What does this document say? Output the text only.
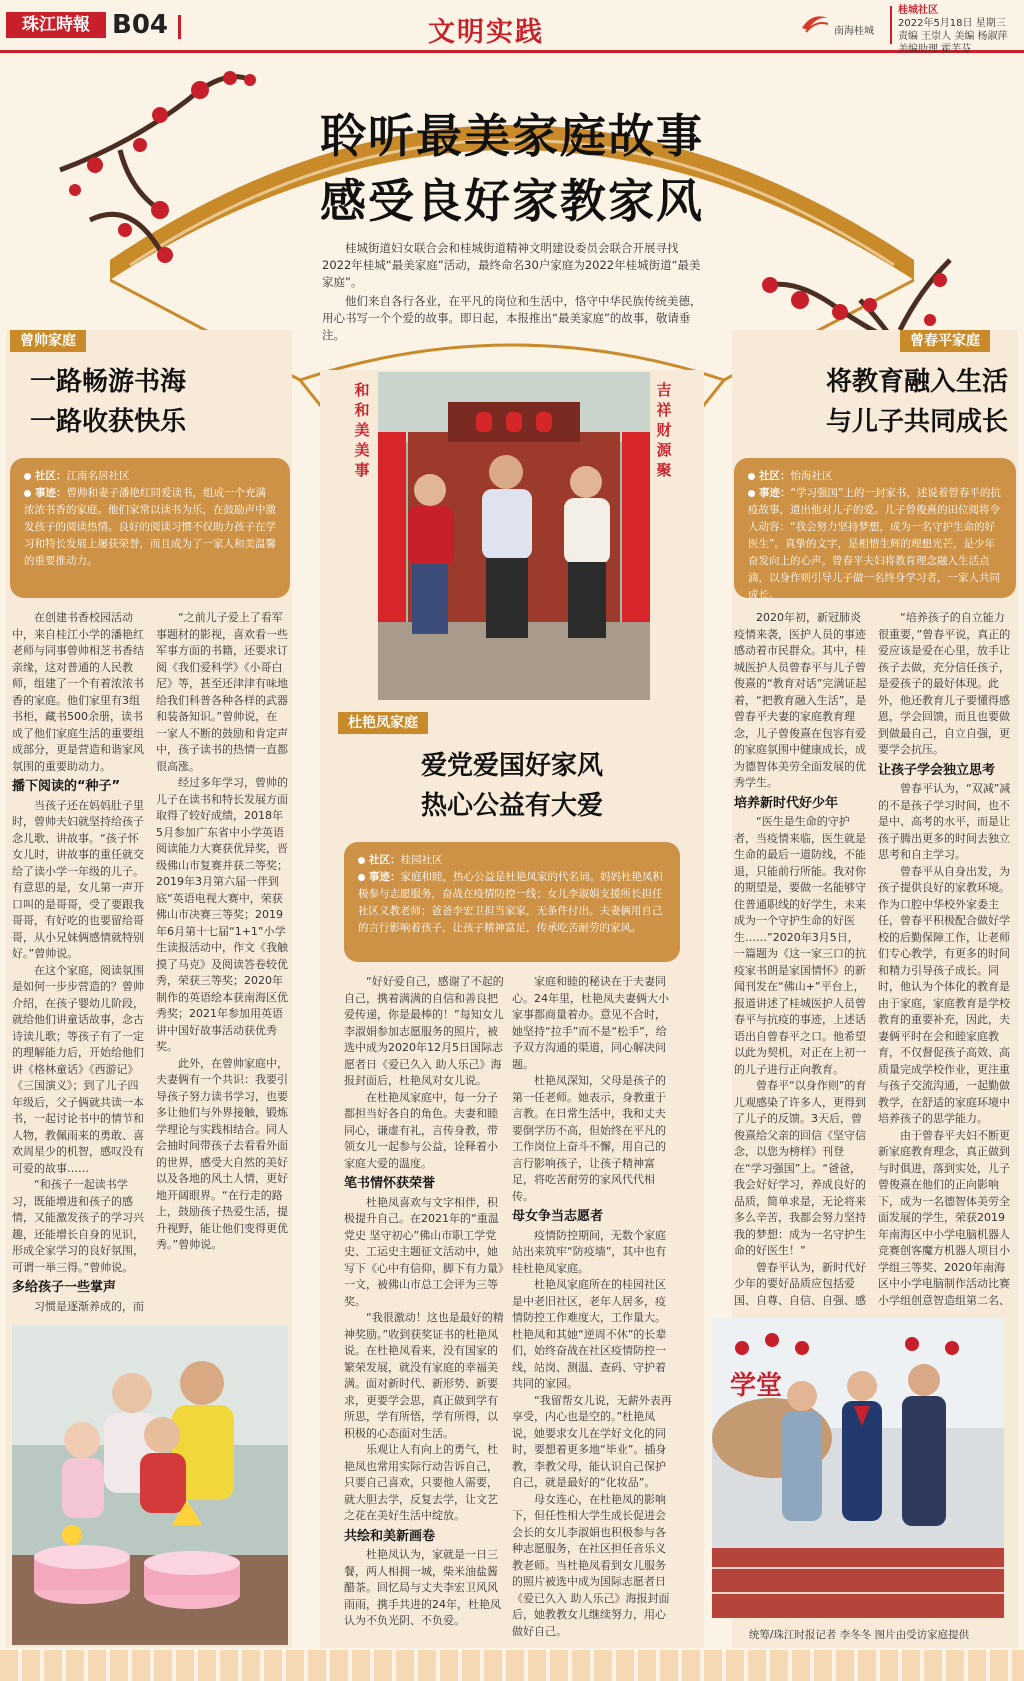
珠江時報 B04	文明实践	南海桂城
桂城社区
2022年5月18日 星期三
责编 王崇人 美编 杨淑萍
美编助理 霍芙芬
聆听最美家庭故事
感受良好家教家风

桂城街道妇女联合会和桂城街道精神文明建设委员会联合开展寻找2022年桂城“最美家庭”活动，最终命名30户家庭为2022年桂城街道“最美家庭”。

他们来自各行各业，在平凡的岗位和生活中，恪守中华民族传统美德，用心书写一个个爱的故事。即日起，本报推出“最美家庭”的故事，敬请垂注。

曾帅家庭
一路畅游书海
一路收获快乐
社区：江南名居社区
事迹：曾帅和妻子潘艳红同爱读书，组成一个充满浓浓书香的家庭。他们家常以读书为乐，在鼓励声中激发孩子的阅读热情。良好的阅读习惯不仅助力孩子在学习和特长发展上屡获荣誉，而且成为了一家人和美温馨的重要推动力。

在创建书香校园活动中，来自桂江小学的潘艳红老师与同事曾帅相芝书香结亲缘，这对普通的人民教师，组建了一个有着浓浓书香的家庭。他们家里有3组书柜，藏书500余册，读书成了他们家庭生活的重要组成部分，更是营造和谐家风氛围的重要助动力。

播下阅读的“种子”

当孩子还在妈妈肚子里时，曾帅夫妇就坚持给孩子念儿歌、讲故事。“孩子怀女儿时，讲故事的重任就交给了读小学一年级的儿子。有意思的是，女儿第一声开口叫的是哥哥，受了要跟我哥哥，有好吃的也要留给哥哥，从小兄妹俩感情就特别好。”曾帅说。

在这个家庭，阅读氛围是如何一步步营造的？曾帅介绍，在孩子婴幼儿阶段，就给他们讲童话故事，念古诗读儿歌；等孩子有了一定的理解能力后，开始给他们讲《格林童话》《西游记》《三国演义》；到了儿子四年级后，父子俩就共读一本书，一起讨论书中的情节和人物，教佩雨来的勇敢、喜欢周星少的机智，感叹没有可爱的故事……

“和孩子一起读书学习，既能增进和孩子的感情，又能激发孩子的学习兴趣，还能增长自身的见识，形成全家学习的良好氛围，可谓一举三得。”曾帅说。

多给孩子一些掌声

习惯是逐渐养成的，而

“之前儿子爱上了看军事题材的影视，喜欢看一些军事方面的书籍，还要求订阅《我们爱科学》《小哥白尼》等，甚至还津津有味地给我们科普各种各样的武器和装备知识。”曾帅说，在一家人不断的鼓励和肯定声中，孩子读书的热情一直都很高涨。

经过多年学习，曾帅的儿子在读书和特长发展方面取得了较好成绩，2018年5月参加广东省中小学英语阅读能力大赛获优异奖，晋级佛山市复赛并获二等奖；2019年3月第六届一伴到底“英语电视大赛中，荣获佛山市决赛三等奖；2019年6月第十七届“1+1”小学生读报活动中，作文《我触摸了马克》及阅读答卷较优秀，荣获三等奖；2020年制作的英语绘本获南海区优秀奖；2021年参加用英语讲中国好故事活动获优秀奖。

此外，在曾帅家庭中，夫妻俩有一个共识：我要引导孩子努力读书学习，也要多让他们与外界接触，锻炼学理论与实践相结合。同人会抽时间带孩子去看看外面的世界，感受大自然的美好以及各地的风土人情，更好地开阔眼界。“在行走的路上，鼓励孩子热爱生活，提升视野，能让他们变得更优秀。”曾帅说。

和和美美事
吉祥财源聚
杜艳凤家庭
爱党爱国好家风
热心公益有大爱
社区：桂园社区
事迹：家庭和睦，热心公益是杜艳凤家的代名词。妈妈杜艳凤积极参与志愿服务，奋战在疫情防控一线；女儿李淑娟支援所长担任社区义教老师；爸爸李宏卫担当家家，无条件付出。夫妻俩用自己的言行影响着孩子，让孩子精神富足，传承吃苦耐劳的家风。

“好好爱自己，感谢了不起的自己，携着满满的自信和善良把爱传递，你是最棒的！”每知女儿李淑娟参加志愿服务的照片，被选中成为2020年12月5日国际志愿者日《爱已久入 助人乐己》海报封面后，杜艳凤对女儿说。

在杜艳凤家庭中，每一分子都担当好各自的角色。夫妻和睦同心，谦虚有礼，言传身教，带领女儿一起参与公益，诠释着小家庭大爱的温度。

笔书情怀获荣誉

杜艳凤喜欢与文字相伴，积极提升自己。在2021年的“重温党史 坚守初心”佛山市职工学党史、工运史主题征文活动中，她写下《心中有信仰，脚下有力量》一文，被佛山市总工会评为三等奖。

“我很激动！这也是最好的精神奖励。”收到获奖证书的杜艳凤说。在杜艳凤看来，没有国家的繁荣发展，就没有家庭的幸福美满。面对新时代、新形势、新要求，更要学会思，真正做到学有所思，学有所悟，学有所得，以积极的心态面对生活。

乐观让人有向上的勇气，杜艳凤也常用实际行动告诉自己，只要自己喜欢，只要他人需要，就大胆去学，反复去学，让文艺之花在美好生活中绽放。

共绘和美新画卷

杜艳凤认为，家就是一日三餐，两人相拥一城，柴米油盐酱醋茶。回忆局与丈夫李宏卫风风雨雨，携手共进的24年，杜艳凤认为不负光阴、不负爱。

家庭和睦的秘诀在于夫妻同心。24年里，杜艳凤夫妻俩大小家事都商量着办。意见不合时，她坚持“拉手”而不是“松手”，给予双方沟通的渠道，同心解决问题。

杜艳凤深知，父母是孩子的第一任老师。她表示，身教重于言教。在日常生活中，我和丈夫要倒学历不高，但始终在平凡的工作岗位上奋斗不懈，用自己的言行影响孩子，让孩子精神富足，将吃苦耐劳的家风代代相传。

母女争当志愿者

疫情防控期间，无数个家庭站出来筑牢“防疫墙”，其中也有桂杜艳凤家庭。

杜艳凤家庭所在的桂园社区是中老旧社区，老年人居多，疫情防控工作难度大，工作量大。杜艳凤和其她“逆周不休”的长辈们，始终奋战在社区疫情防控一线，站岗、测温、查码、守护着共同的家园。

“我留帮女儿说，无薪外表再享受，内心也是空的。”杜艳凤说，她要求女儿在学好文化的同时，要想着更多地“毕业”。插身教，李教父母，能认识自己保护自己，就是最好的“化妆品”。

母女连心，在杜艳凤的影响下，但任性相大学生成长促进会会长的女儿李淑娟也积极参与各种志愿服务，在社区担任音乐义教老师。当杜艳凤看到女儿服务的照片被选中成为国际志愿者日《爱已久入 助人乐己》海报封面后，她教教女儿继续努力，用心做好自己。

曾春平家庭
将教育融入生活
与儿子共同成长
社区：怡海社区
事迹：“学习强国”上的一封家书，述说着曾春平的抗疫故事，道出他对儿子的爱。儿子曾俊熹的田位阅将令人动容：“我会努力坚持梦想，成为一名守护生命的好医生”。真挚的文字，是相惜生辉的理想光芒，是少年奋发向上的心声。曾春平夫妇将教育理念融入生活点滴，以身作则引导儿子做一名终身学习者，一家人共同成长。

2020年初，新冠肺炎疫情来袭，医护人员的事迹感动着市民群众。其中，桂城医护人员曾春平与儿子曾俊熹的“教育对话”完满证起着，“把教育融入生活”，是曾春平夫妻的家庭教育理念，儿子曾俊熹在包容有爱的家庭氛围中健康成长，成为德智体美劳全面发展的优秀学生。

培养新时代好少年

“医生是生命的守护者，当疫情来临，医生就是生命的最后一道防线，不能退，只能前行所能。我对你的期望是，要做一名能够守住普通职线的好学生，未来成为一个守护生命的好医生……”2020年3月5日，一篇题为《这一家三口的抗疫家书朗是家国情怀》的新闻刊发在“佛山+”平台上，报道讲述了桂城医护人员曾春平与抗疫的事迹，上述话语出自曾春平之口。他希望以此为契机，对正在上初一的儿子进行正向教育。

曾春平“以身作则”的育儿观感染了许多人，更得到了儿子的反馈。3天后，曾俊熹给父亲的回信《坚守信念，以您为榜样》刊登在“学习强国”上。“爸爸，我会好好学习，养成良好的品质，简单求是，无论将来多么辛苦，我都会努力坚持我的梦想：成为一名守护生命的好医生！”

曾春平认为，新时代好少年的要好品质应包括爱国、自尊、自信、自强、感

“培养孩子的自立能力很重要，”曾春平说，真正的爱应该是爱在心里，放手让孩子去做，充分信任孩子，是爱孩子的最好体现。此外，他还教育儿子要懂得感恩，学会回馈，而且也要做到做最自己，自立自强，更要学会抗压。

让孩子学会独立思考

曾春平认为，“双减”减的不是孩子学习时间，也不是中、高考的水平，而是让孩子腾出更多的时间去独立思考和自主学习。

曾春平从自身出发，为孩子提供良好的家教环境。作为口腔中华校外家委主任，曾春平积极配合做好学校的后勤保障工作，让老师们专心教学，有更多的时间和精力引导孩子成长。同时，他认为个体化的教育是由于家庭，家庭教育是学校教育的重要补充，因此，夫妻俩平时在会和睦家庭教育，不仅督促孩子高效、高质量完成学校作业，更注重与孩子交流沟通，一起勤做教学，在舒适的家庭环境中培养孩子的思学能力。

由于曾春平夫妇不断更新家庭教育理念，真正做到与时俱进，落到实处，儿子曾俊熹在他们的正向影响下，成为一名德智体美劳全面发展的学生，荣获2019年南海区中小学电脑机器人竞赛创客魔方机器人项目小学组三等奖、2020年南海区中小学电脑制作活动比赛小学组创意智造组第二名、

学堂
统筹/珠江时报记者 李冬冬 图片由受访家庭提供
